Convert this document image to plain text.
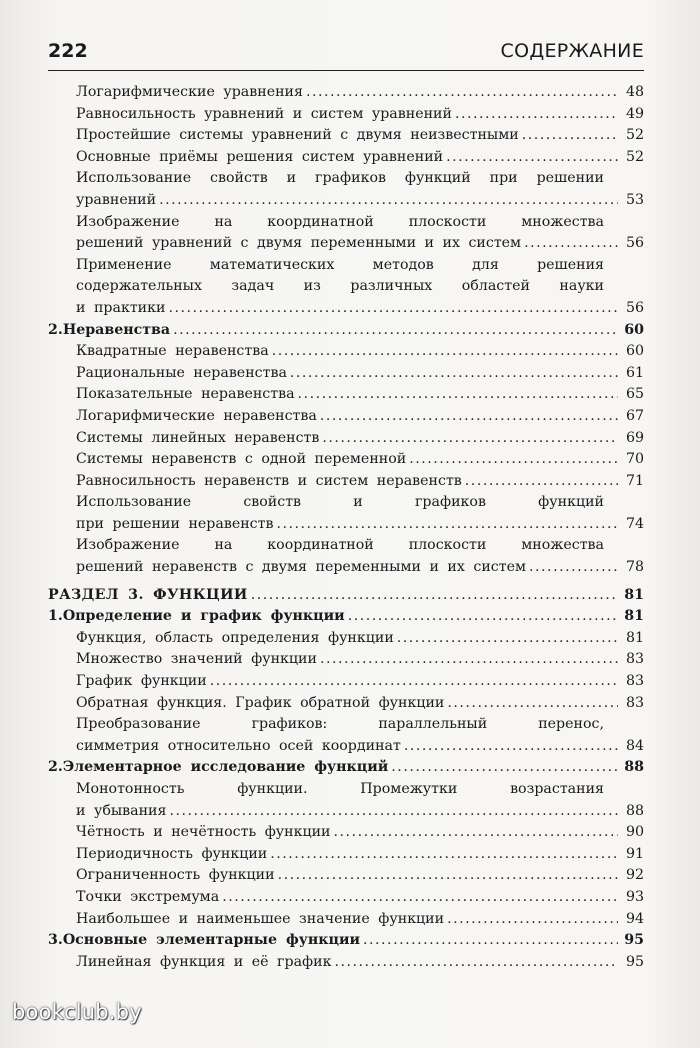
222	СОДЕРЖАНИЕ
Логарифмические уравнения .....	48
Равносильность уравнений и систем уравнений .....	49
Простейшие системы уравнений с двумя неизвестными .....	52
Основные приёмы решения систем уравнений .....	52
Использование свойств и графиков функций при решении
уравнений .....	53
Изображение на координатной плоскости множества
решений уравнений с двумя переменными и их систем .....	56
Применение математических методов для решения
содержательных задач из различных областей науки
и практики .....	56
2. Неравенства .....	60
Квадратные неравенства .....	60
Рациональные неравенства .....	61
Показательные неравенства .....	65
Логарифмические неравенства .....	67
Системы линейных неравенств .....	69
Системы неравенств с одной переменной .....	70
Равносильность неравенств и систем неравенств .....	71
Использование свойств и графиков функций
при решении неравенств .....	74
Изображение на координатной плоскости множества
решений неравенств с двумя переменными и их систем .....	78
РАЗДЕЛ 3. ФУНКЦИИ .....	81
1. Определение и график функции .....	81
Функция, область определения функции .....	81
Множество значений функции .....	83
График функции .....	83
Обратная функция. График обратной функции .....	83
Преобразование графиков: параллельный перенос,
симметрия относительно осей координат .....	84
2. Элементарное исследование функций .....	88
Монотонность функции. Промежутки возрастания
и убывания .....	88
Чётность и нечётность функции .....	90
Периодичность функции .....	91
Ограниченность функции .....	92
Точки экстремума .....	93
Наибольшее и наименьшее значение функции .....	94
3. Основные элементарные функции .....	95
Линейная функция и её график .....	95
bookclub.by
